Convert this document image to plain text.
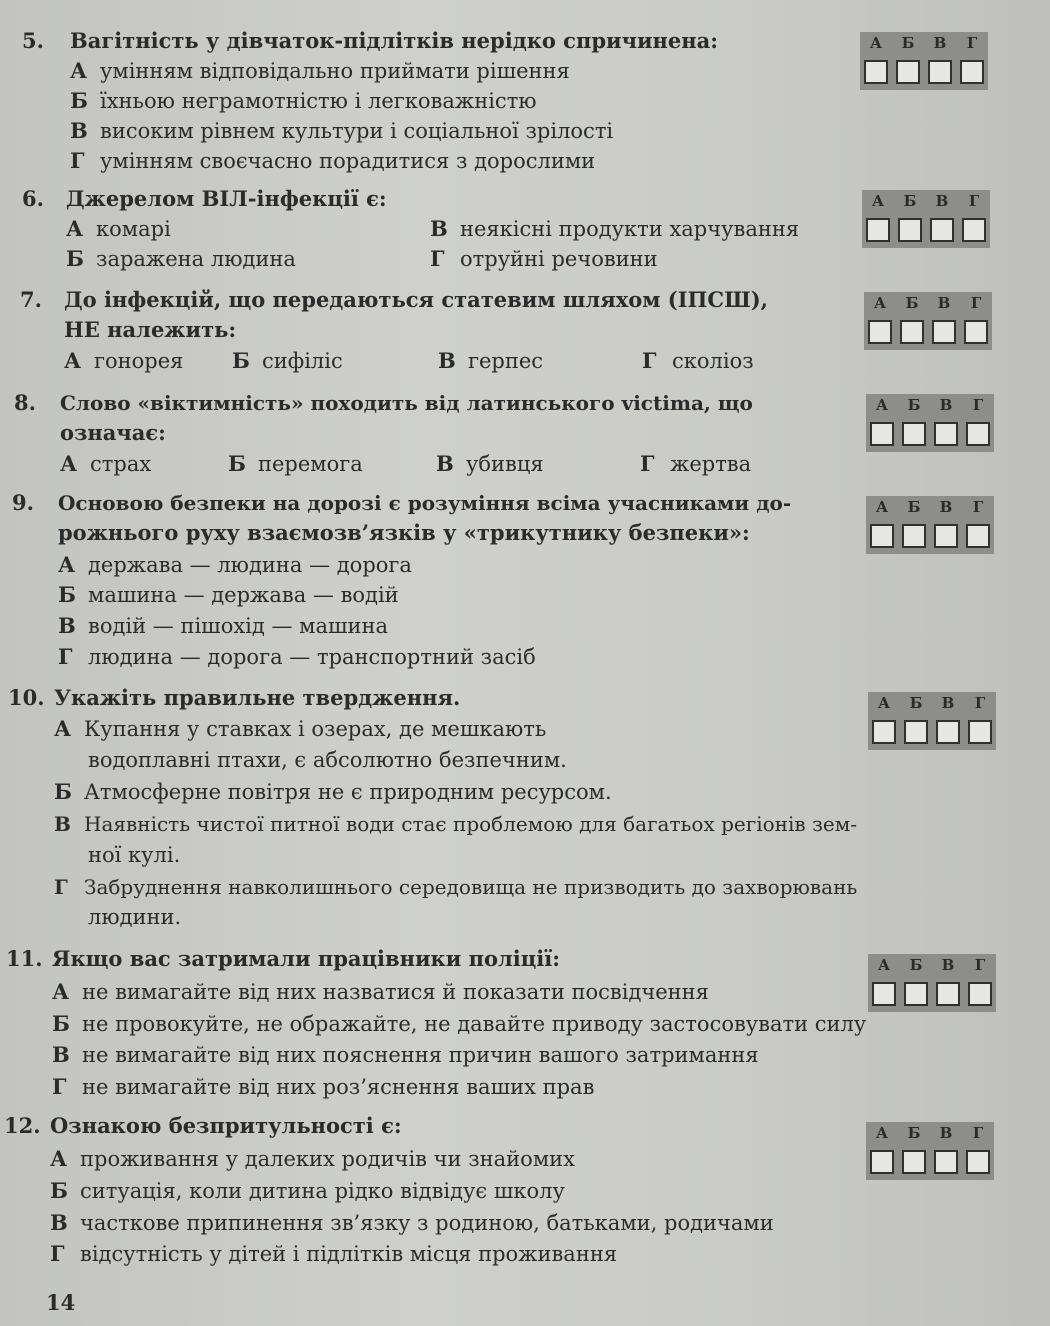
5. Вагітність у дівчаток-підлітків нерідко спричинена:
А умінням відповідально приймати рішення
Б їхньою неграмотністю і легковажністю
В високим рівнем культури і соціальної зрілості
Г умінням своєчасно порадитися з дорослими
А	Б	В	Г
6. Джерелом ВІЛ-інфекції є:
А комарі	В неякісні продукти харчування
Б заражена людина	Г отруйні речовини
А	Б	В	Г
7. До інфекцій, що передаються статевим шляхом (ІПСШ),
НЕ належить:
А гонорея Б сифіліс	В герпес	Г сколіоз
А	Б	В	Г
8. Слово «віктимність» походить від латинського victima, що
означає:
А страх	Б перемога	В убивця	Г жертва
А	Б	В	Г
9. Основою безпеки на дорозі є розуміння всіма учасниками до-
рожнього руху взаємозв’язків у «трикутнику безпеки»:
А держава — людина — дорога
Б машина — держава — водій
В водій — пішохід — машина
Г людина — дорога — транспортний засіб
А	Б	В	Г
10. Укажіть правильне твердження.
А Купання у ставках і озерах, де мешкають
водоплавні птахи, є абсолютно безпечним.
Б Атмосферне повітря не є природним ресурсом.
В Наявність чистої питної води стає проблемою для багатьох регіонів зем-
ної кулі.
Г Забруднення навколишнього середовища не призводить до захворювань
людини.
А	Б	В	Г
11. Якщо вас затримали працівники поліції:
А не вимагайте від них назватися й показати посвідчення
Б не провокуйте, не ображайте, не давайте приводу застосовувати силу
В не вимагайте від них пояснення причин вашого затримання
Г не вимагайте від них роз’яснення ваших прав
А	Б	В	Г
12. Ознакою безпритульності є:
А проживання у далеких родичів чи знайомих
Б ситуація, коли дитина рідко відвідує школу
В часткове припинення зв’язку з родиною, батьками, родичами
Г відсутність у дітей і підлітків місця проживання
А	Б	В	Г
14
